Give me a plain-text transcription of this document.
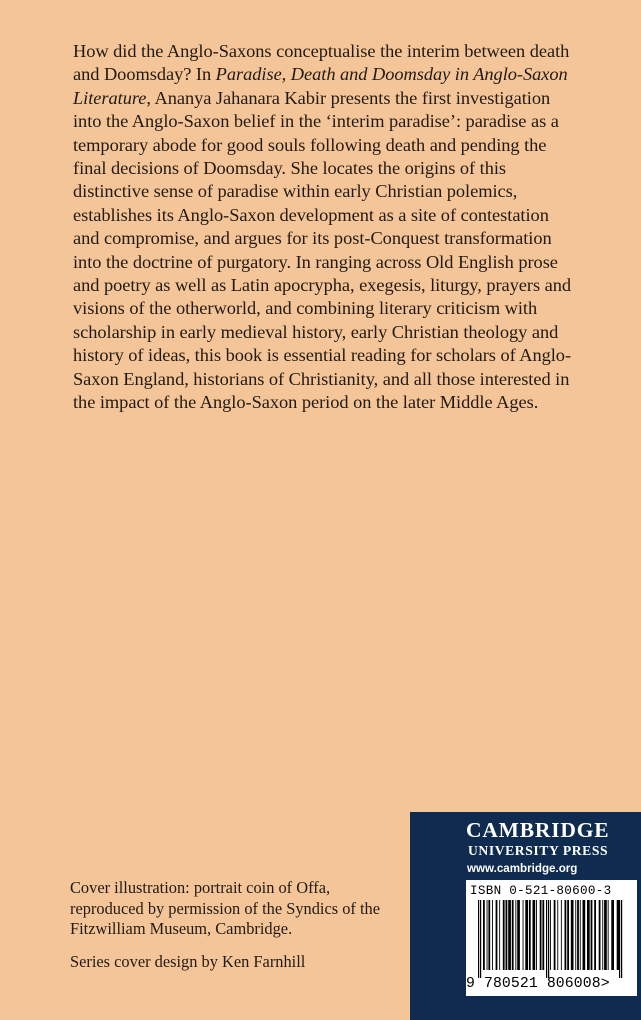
How did the Anglo-Saxons conceptualise the interim between death and Doomsday? In Paradise, Death and Doomsday in Anglo-Saxon Literature, Ananya Jahanara Kabir presents the first investigation into the Anglo-Saxon belief in the ‘interim paradise’: paradise as a temporary abode for good souls following death and pending the final decisions of Doomsday. She locates the origins of this distinctive sense of paradise within early Christian polemics, establishes its Anglo-Saxon development as a site of contestation and compromise, and argues for its post-Conquest transformation into the doctrine of purgatory. In ranging across Old English prose and poetry as well as Latin apocrypha, exegesis, liturgy, prayers and visions of the otherworld, and combining literary criticism with scholarship in early medieval history, early Christian theology and history of ideas, this book is essential reading for scholars of Anglo-Saxon England, historians of Christianity, and all those interested in the impact of the Anglo-Saxon period on the later Middle Ages.

Cover illustration: portrait coin of Offa, reproduced by permission of the Syndics of the Fitzwilliam Museum, Cambridge.

Series cover design by Ken Farnhill

CAMBRIDGE
UNIVERSITY PRESS
www.cambridge.org
ISBN 0-521-80600-3
9 780521 806008>
